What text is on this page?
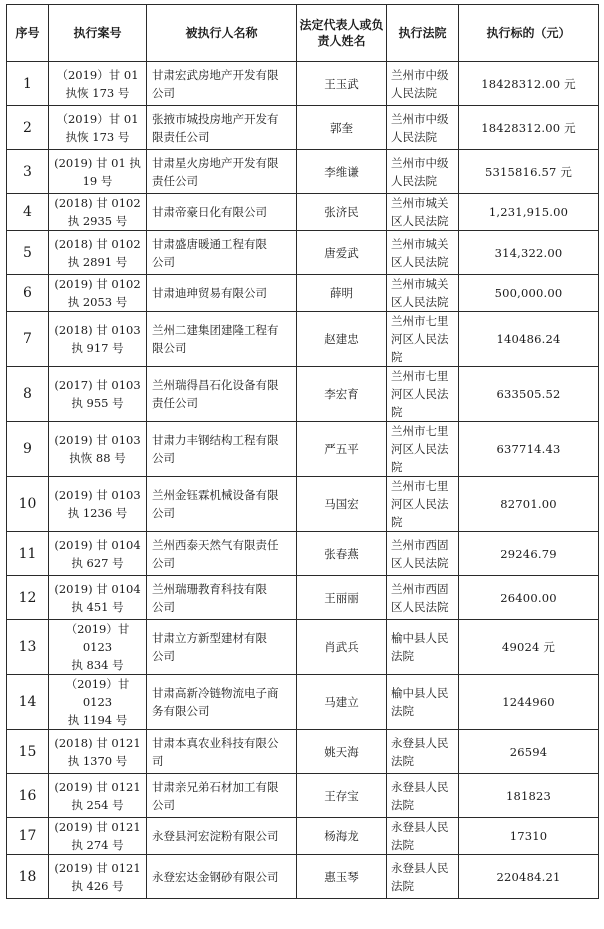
序号	执行案号	被执行人名称	法定代表人或负责人姓名	执行法院	执行标的（元）
1	（2019）甘 01
执恢 173 号	甘肃宏武房地产开发有限
公司	王玉武	兰州市中级
人民法院	18428312.00 元
2	（2019）甘 01
执恢 173 号	张掖市城投房地产开发有
限责任公司	郭奎	兰州市中级
人民法院	18428312.00 元
3	(2019) 甘 01 执
19 号	甘肃星火房地产开发有限
责任公司	李维谦	兰州市中级
人民法院	5315816.57 元
4	(2018) 甘 0102
执 2935 号	甘肃帝豪日化有限公司	张济民	兰州市城关
区人民法院	1,231,915.00
5	(2018) 甘 0102
执 2891 号	甘肃盛唐暖通工程有限
公司	唐爱武	兰州市城关
区人民法院	314,322.00
6	(2019) 甘 0102
执 2053 号	甘肃迪珅贸易有限公司	薛明	兰州市城关
区人民法院	500,000.00
7	(2018) 甘 0103
执 917 号	兰州二建集团建隆工程有
限公司	赵建忠	兰州市七里
河区人民法
院	140486.24
8	(2017) 甘 0103
执 955 号	兰州瑞得昌石化设备有限
责任公司	李宏育	兰州市七里
河区人民法
院	633505.52
9	(2019) 甘 0103
执恢 88 号	甘肃力丰钢结构工程有限
公司	严五平	兰州市七里
河区人民法
院	637714.43
10	(2019) 甘 0103
执 1236 号	兰州金钰霖机械设备有限
公司	马国宏	兰州市七里
河区人民法
院	82701.00
11	(2019) 甘 0104
执 627 号	兰州西泰天然气有限责任
公司	张春燕	兰州市西固
区人民法院	29246.79
12	(2019) 甘 0104
执 451 号	兰州瑞珊教育科技有限
公司	王丽丽	兰州市西固
区人民法院	26400.00
13	（2019）甘 0123
执 834 号	甘肃立方新型建材有限
公司	肖武兵	榆中县人民
法院	49024 元
14	（2019）甘 0123
执 1194 号	甘肃高新冷链物流电子商
务有限公司	马建立	榆中县人民
法院	1244960
15	(2018) 甘 0121
执 1370 号	甘肃本真农业科技有限公
司	姚天海	永登县人民
法院	26594
16	(2019) 甘 0121
执 254 号	甘肃亲兄弟石材加工有限
公司	王存宝	永登县人民
法院	181823
17	(2019) 甘 0121
执 274 号	永登县河宏淀粉有限公司	杨海龙	永登县人民
法院	17310
18	(2019) 甘 0121
执 426 号	永登宏达金钢砂有限公司	惠玉琴	永登县人民
法院	220484.21
